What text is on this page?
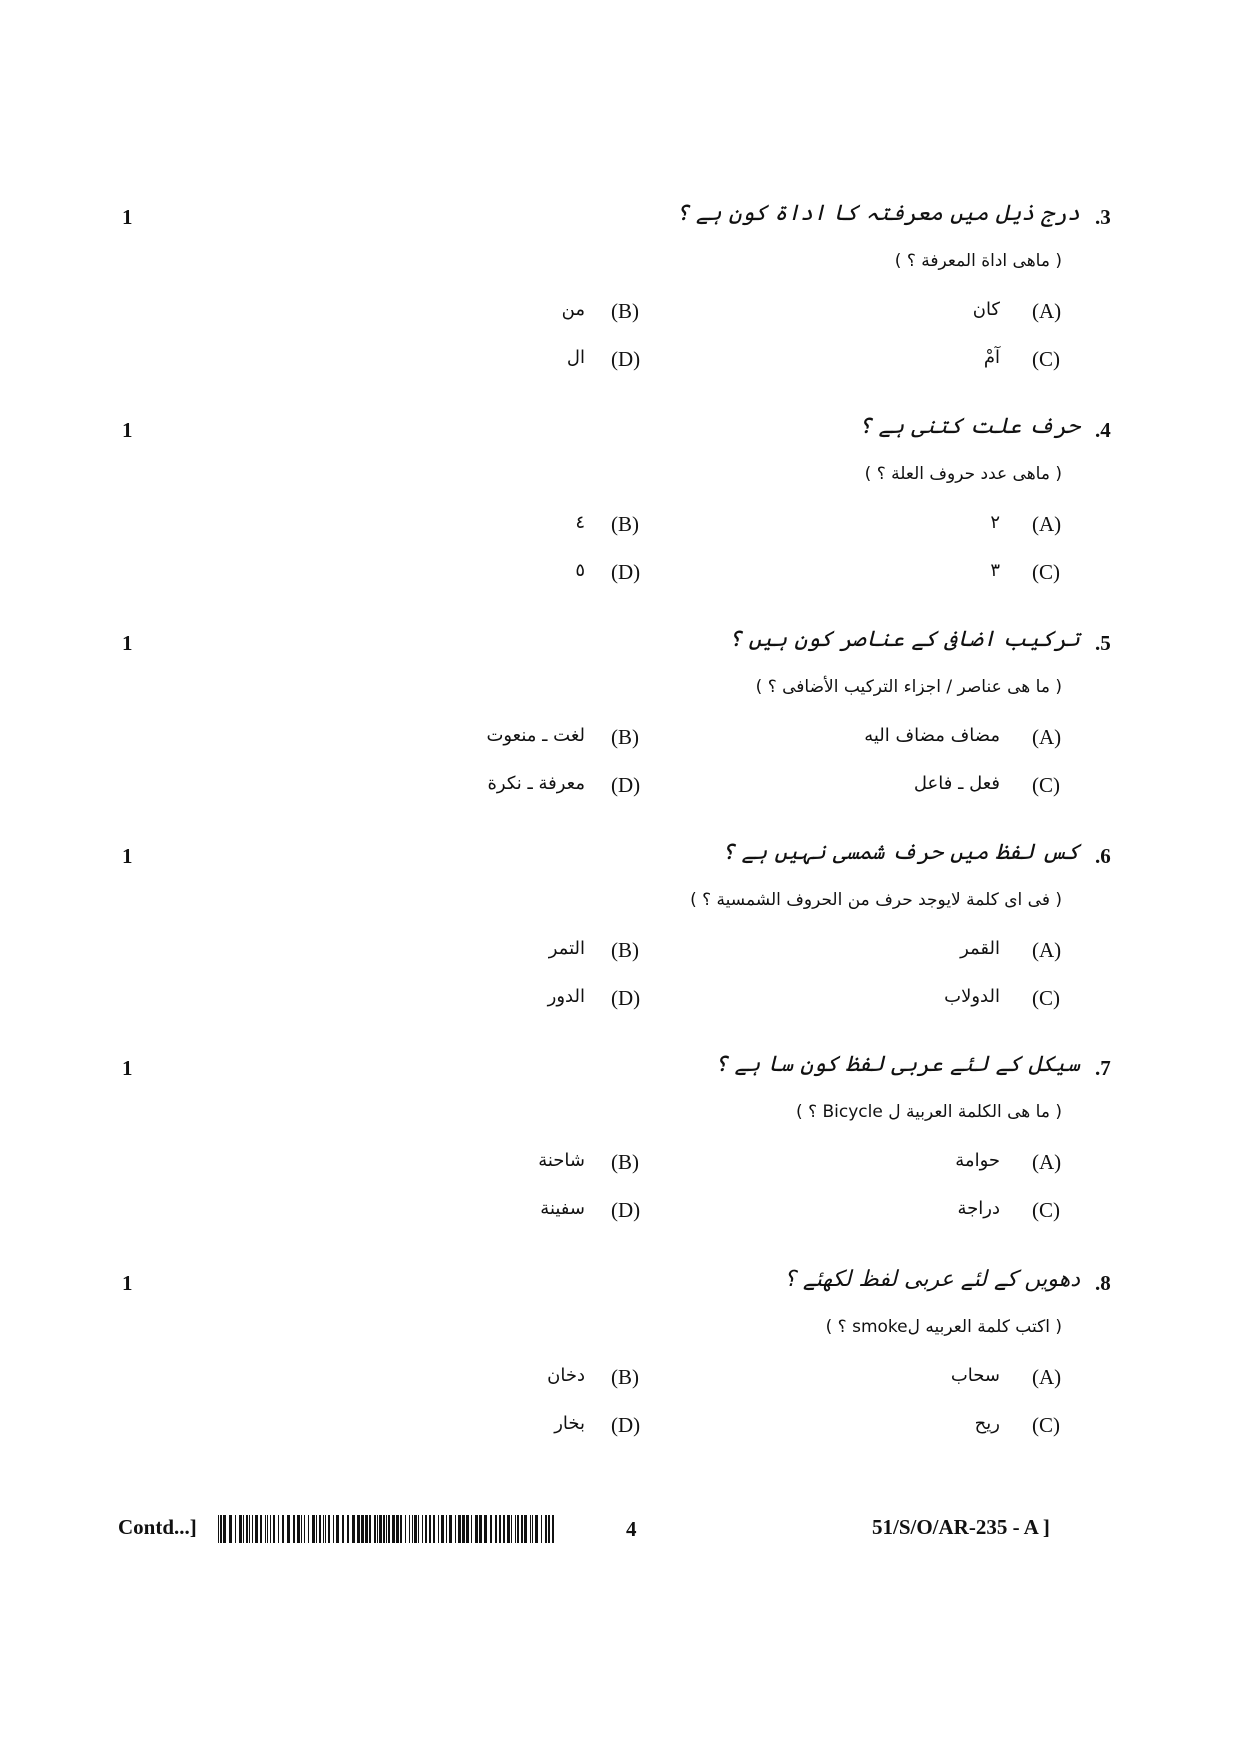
1	درج ذیل میں معرفتہ کا اداۃ کون ہے ؟ .3
( ماهی اداة المعرفة ؟ )
(A)
كان
(B)
من
(C)
آمْ
(D)
ال
1	حرف علت کتنی ہے ؟ .4
( ماهی عدد حروف العلة ؟ )
(A)
٢
(B)
٤
(C)
٣
(D)
٥
1	ترکیب اضافی کے عناصر کون ہیں ؟ .5
( ما هی عناصر / اجزاء التركيب الأضافی ؟ )
(A)
مضاف مضاف اليه
(B)
لغت ـ منعوت
(C)
فعل ـ فاعل
(D)
معرفة ـ نكرة
1	کس لفظ میں حرف شمسی نہیں ہے ؟ .6
( فی ای كلمة لايوجد حرف من الحروف الشمسية ؟ )
(A)
القمر
(B)
التمر
(C)
الدولاب
(D)
الدور
1	سیکل کے لئے عربی لفظ کون سا ہے ؟ .7
( ما هی الكلمة العربية ل Bicycle ؟ )
(A)
حوامة
(B)
شاحنة
(C)
دراجة
(D)
سفينة
1	دھویں کے لئے عربی لفظ لکھئے ؟ .8
( اكتب كلمة العربيه لsmoke ؟ )
(A)
سحاب
(B)
دخان
(C)
ريح
(D)
بخار
Contd...]	4	51/S/O/AR-235 - A ]
